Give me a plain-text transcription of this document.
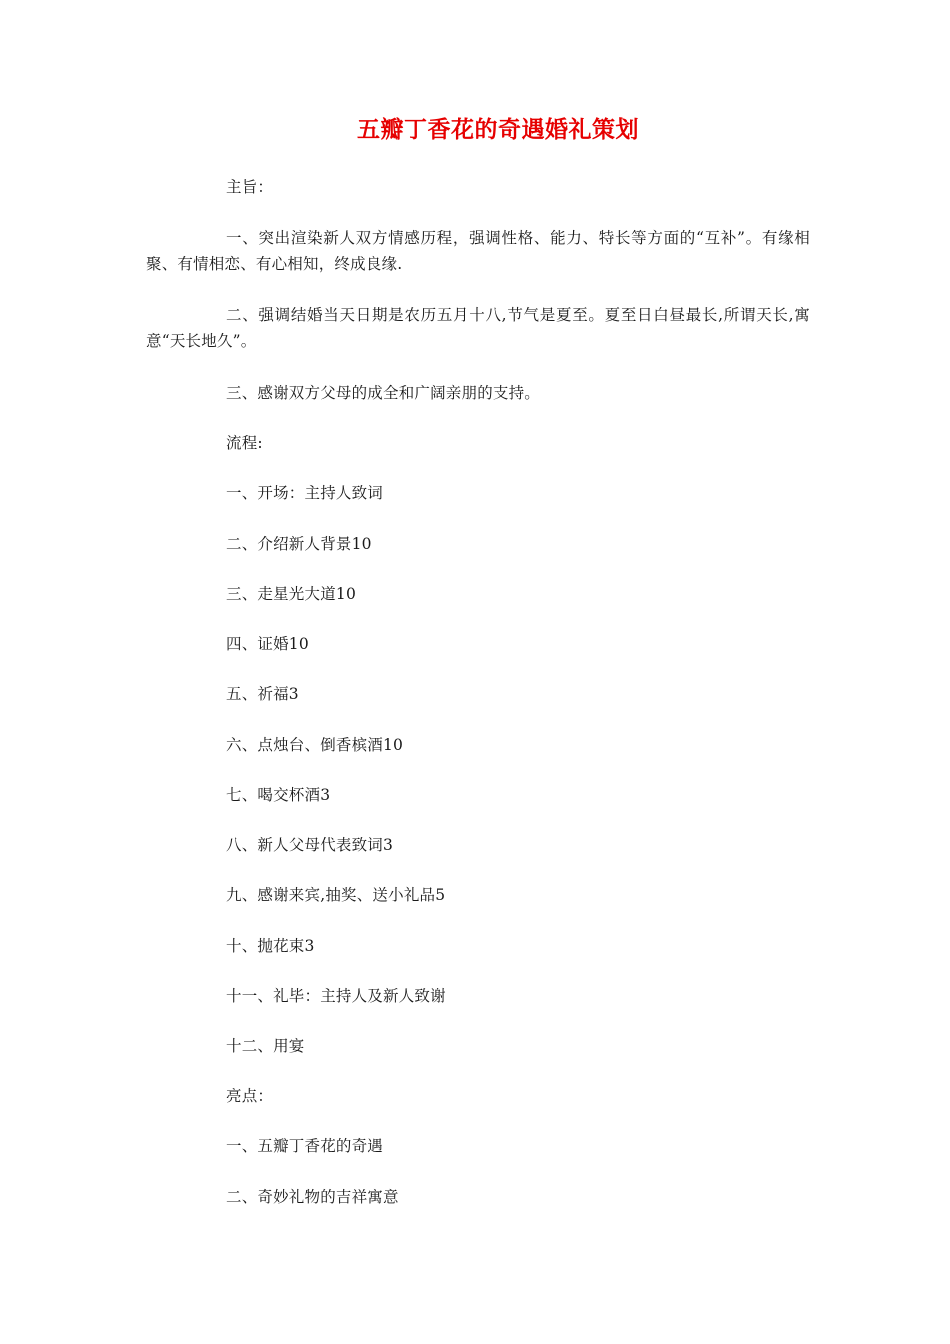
五瓣丁香花的奇遇婚礼策划

主旨：

一、突出渲染新人双方情感历程，强调性格、能力、特长等方面的“互补”。有缘相聚、有情相恋、有心相知，终成良缘.

二、强调结婚当天日期是农历五月十八,节气是夏至。夏至日白昼最长,所谓天长,寓意“天长地久”。

三、感谢双方父母的成全和广阔亲朋的支持。

流程:

一、开场：主持人致词

二、介绍新人背景10

三、走星光大道10

四、证婚10

五、祈福3

六、点烛台、倒香槟酒10

七、喝交杯酒3

八、新人父母代表致词3

九、感谢来宾,抽奖、送小礼品5

十、抛花束3

十一、礼毕：主持人及新人致谢

十二、用宴

亮点：

一、五瓣丁香花的奇遇

二、奇妙礼物的吉祥寓意
